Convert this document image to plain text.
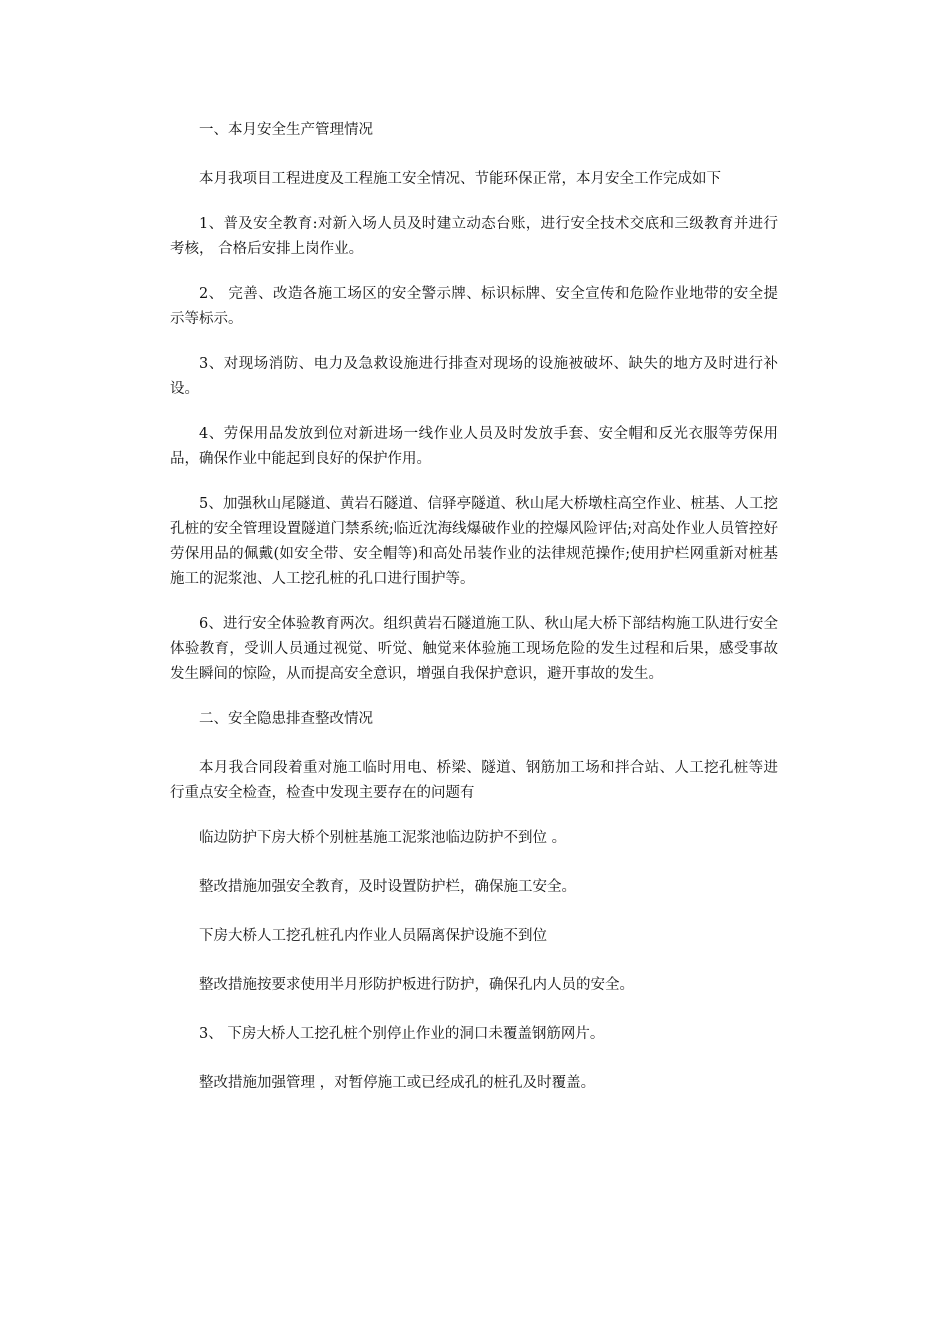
一、本月安全生产管理情况

本月我项目工程进度及工程施工安全情况、节能环保正常，本月安全工作完成如下

1、普及安全教育:对新入场人员及时建立动态台账，进行安全技术交底和三级教育并进行考核， 合格后安排上岗作业。

2、 完善、改造各施工场区的安全警示牌、标识标牌、安全宣传和危险作业地带的安全提示等标示。

3、对现场消防、电力及急救设施进行排查对现场的设施被破坏、缺失的地方及时进行补设。

4、劳保用品发放到位对新进场一线作业人员及时发放手套、安全帽和反光衣服等劳保用品，确保作业中能起到良好的保护作用。

5、加强秋山尾隧道、黄岩石隧道、信驿亭隧道、秋山尾大桥墩柱高空作业、桩基、人工挖孔桩的安全管理设置隧道门禁系统;临近沈海线爆破作业的控爆风险评估;对高处作业人员管控好劳保用品的佩戴(如安全带、安全帽等)和高处吊装作业的法律规范操作;使用护栏网重新对桩基施工的泥浆池、人工挖孔桩的孔口进行围护等。

6、进行安全体验教育两次。组织黄岩石隧道施工队、秋山尾大桥下部结构施工队进行安全体验教育，受训人员通过视觉、听觉、触觉来体验施工现场危险的发生过程和后果，感受事故发生瞬间的惊险，从而提高安全意识，增强自我保护意识，避开事故的发生。

二、安全隐患排查整改情况

本月我合同段着重对施工临时用电、桥梁、隧道、钢筋加工场和拌合站、人工挖孔桩等进行重点安全检查，检查中发现主要存在的问题有

临边防护下房大桥个别桩基施工泥浆池临边防护不到位 。

整改措施加强安全教育，及时设置防护栏，确保施工安全。

下房大桥人工挖孔桩孔内作业人员隔离保护设施不到位

整改措施按要求使用半月形防护板进行防护，确保孔内人员的安全。

3、 下房大桥人工挖孔桩个别停止作业的洞口未覆盖钢筋网片。

整改措施加强管理 ，对暂停施工或已经成孔的桩孔及时覆盖。
